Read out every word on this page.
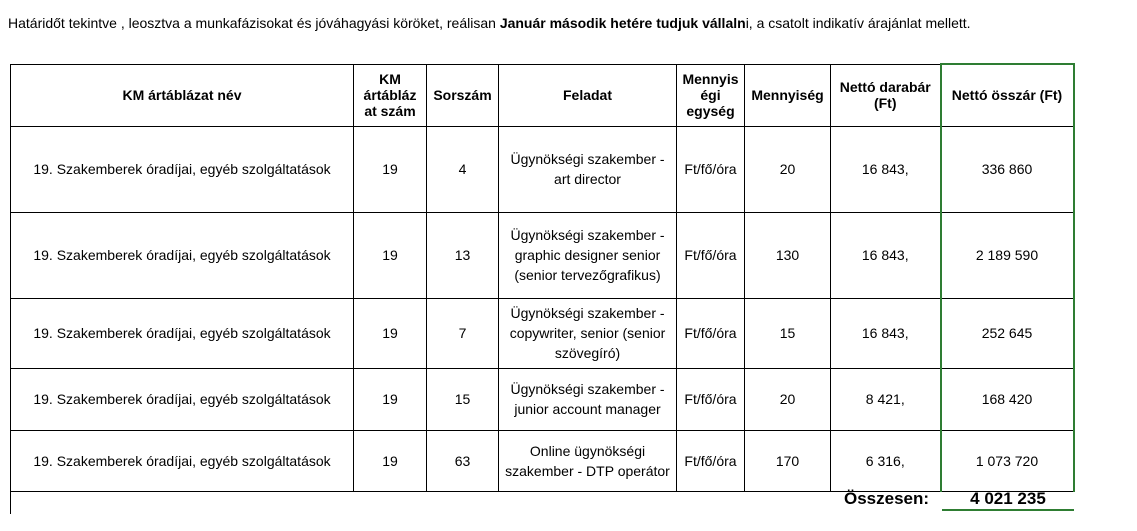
Határidőt tekintve , leosztva a munkafázisokat és jóváhagyási köröket, reálisan Január második hetére tudjuk vállalni, a csatolt indikatív árajánlat mellett.
KM ártáblázat név	KM ártábláz at szám	Sorszám	Feladat	Mennyis égi egység	Mennyiség	Nettó darabár (Ft)	Nettó összár (Ft)
19. Szakemberek óradíjai, egyéb szolgáltatások	19	4	Ügynökségi szakember - art director	Ft/fő/óra	20	16 843,	336 860
19. Szakemberek óradíjai, egyéb szolgáltatások	19	13	Ügynökségi szakember - graphic designer senior (senior tervezőgrafikus)	Ft/fő/óra	130	16 843,	2 189 590
19. Szakemberek óradíjai, egyéb szolgáltatások	19	7	Ügynökségi szakember - copywriter, senior (senior szövegíró)	Ft/fő/óra	15	16 843,	252 645
19. Szakemberek óradíjai, egyéb szolgáltatások	19	15	Ügynökségi szakember - junior account manager	Ft/fő/óra	20	8 421,	168 420
19. Szakemberek óradíjai, egyéb szolgáltatások	19	63	Online ügynökségi szakember - DTP operátor	Ft/fő/óra	170	6 316,	1 073 720
Összesen:	4 021 235
